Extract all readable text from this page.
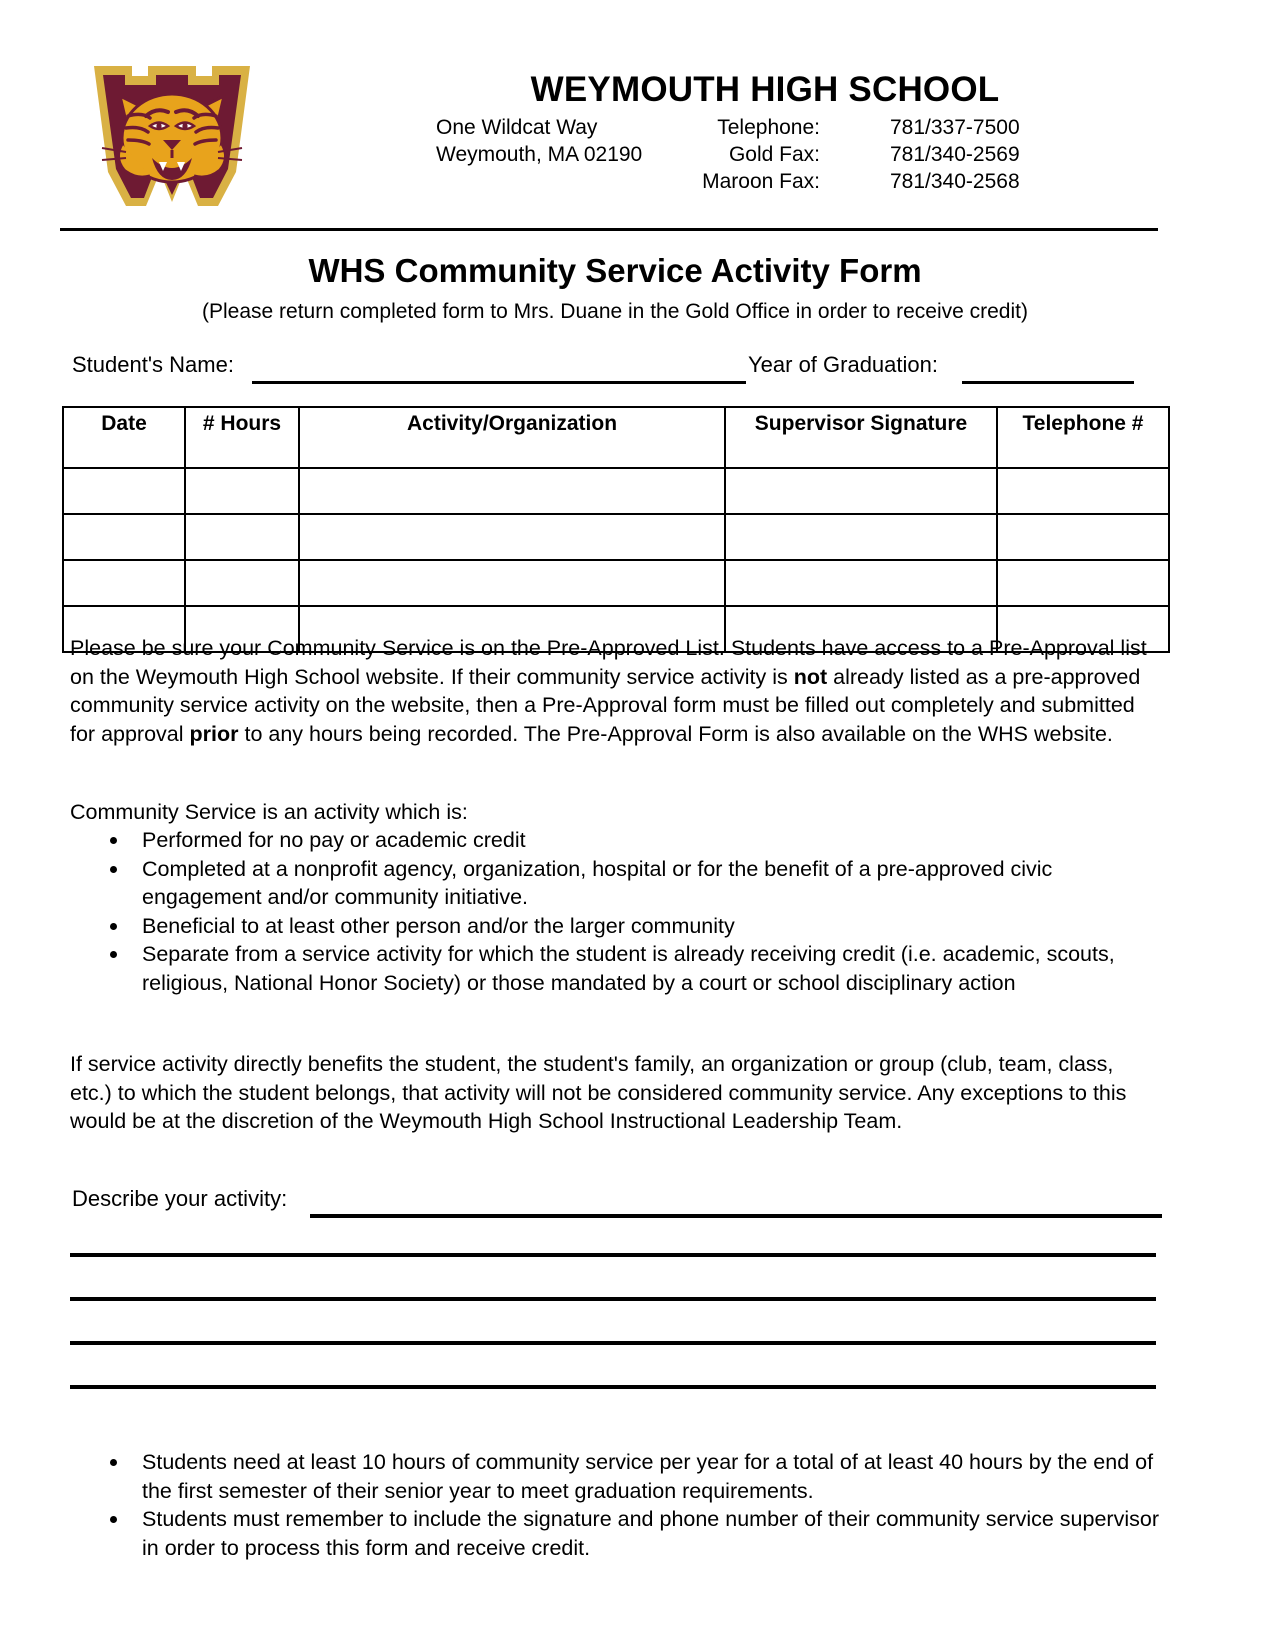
WEYMOUTH HIGH SCHOOL
One Wildcat Way	Telephone:	781/337-7500
Weymouth, MA 02190	Gold Fax:	781/340-2569
Maroon Fax:	781/340-2568
WHS Community Service Activity Form
(Please return completed form to Mrs. Duane in the Gold Office in order to receive credit)
Student's Name:	Year of Graduation:
Date	# Hours	Activity/Organization	Supervisor Signature	Telephone #

Please be sure your Community Service is on the Pre-Approved List. Students have access to a Pre-Approval list on the Weymouth High School website. If their community service activity is not already listed as a pre-approved community service activity on the website, then a Pre-Approval form must be filled out completely and submitted for approval prior to any hours being recorded. The Pre-Approval Form is also available on the WHS website.
Community Service is an activity which is:
Performed for no pay or academic credit
Completed at a nonprofit agency, organization, hospital or for the benefit of a pre-approved civic engagement and/or community initiative.
Beneficial to at least other person and/or the larger community
Separate from a service activity for which the student is already receiving credit (i.e. academic, scouts, religious, National Honor Society) or those mandated by a court or school disciplinary action
If service activity directly benefits the student, the student's family, an organization or group (club, team, class, etc.) to which the student belongs, that activity will not be considered community service. Any exceptions to this would be at the discretion of the Weymouth High School Instructional Leadership Team.
Describe your activity:
Students need at least 10 hours of community service per year for a total of at least 40 hours by the end of the first semester of their senior year to meet graduation requirements.
Students must remember to include the signature and phone number of their community service supervisor in order to process this form and receive credit.
